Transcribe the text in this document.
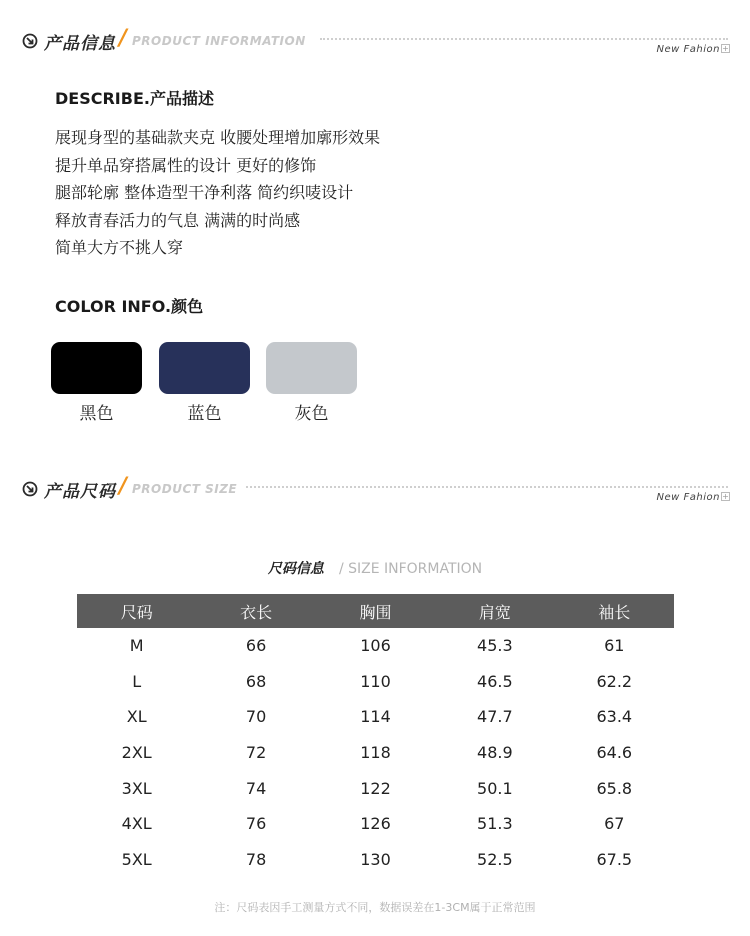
产品信息 / PRODUCT INFORMATION
New Fahion +
DESCRIBE.产品描述
展现身型的基础款夹克 收腰处理增加廓形效果
提升单品穿搭属性的设计 更好的修饰
腿部轮廓 整体造型干净利落 简约织唛设计
释放青春活力的气息 满满的时尚感
简单大方不挑人穿
COLOR INFO.颜色
黑色	蓝色	灰色
产品尺码 / PRODUCT SIZE
New Fahion +
尺码信息 / SIZE INFORMATION
尺码	衣长	胸围	肩宽	袖长
M	66	106	45.3	61
L	68	110	46.5	62.2
XL	70	114	47.7	63.4
2XL	72	118	48.9	64.6
3XL	74	122	50.1	65.8
4XL	76	126	51.3	67
5XL	78	130	52.5	67.5
注：尺码表因手工测量方式不同，数据误差在1-3CM属于正常范围
